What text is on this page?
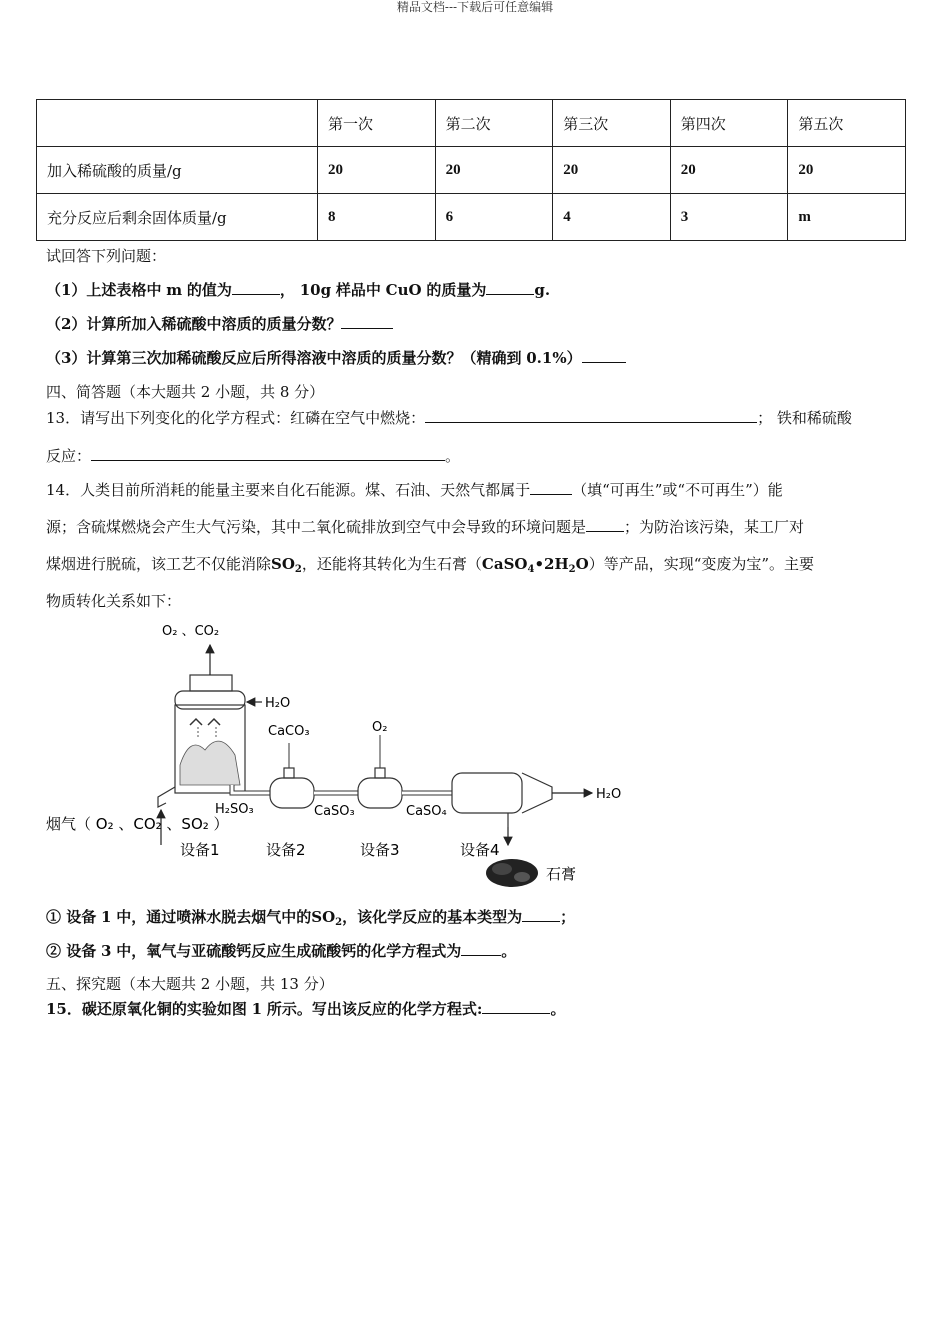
精品文档---下载后可任意编辑
	第一次	第二次	第三次	第四次	第五次
加入稀硫酸的质量/g	20	20	20	20	20
充分反应后剩余固体质量/g	8	6	4	3	m
试回答下列问题：
（1）上述表格中 m 的值为	， 10g 样品中 CuO 的质量为	g.
（2）计算所加入稀硫酸中溶质的质量分数？
（3）计算第三次加稀硫酸反应后所得溶液中溶质的质量分数？（精确到 0.1%）
四、简答题（本大题共 2 小题，共 8 分）
13．请写出下列变化的化学方程式：红磷在空气中燃烧：	； 铁和稀硫酸
反应：	。
14．人类目前所消耗的能量主要来自化石能源。煤、石油、天然气都属于	（填“可再生”或“不可再生”）能
源；含硫煤燃烧会产生大气污染，其中二氧化硫排放到空气中会导致的环境问题是	；为防治该污染，某工厂对
煤烟进行脱硫，该工艺不仅能消除$SO_2$，还能将其转化为生石膏$(CaSO_4•2H_2O)$等产品，实现“变废为宝”。主要
物质转化关系如下：
O₂ 、CO₂
H₂O
CaCO₃	O₂
H₂SO₃	CaSO₃	CaSO₄
H₂O
烟气（ O₂ 、CO₂ 、SO₂ ）
设备1	设备2	设备3	设备4
石膏
① 设备 1 中，通过喷淋水脱去烟气中的$SO_2$，该化学反应的基本类型为	；
② 设备 3 中，氧气与亚硫酸钙反应生成硫酸钙的化学方程式为	。
五、探究题（本大题共 2 小题，共 13 分）
15．碳还原氧化铜的实验如图 1 所示。写出该反应的化学方程式:	。
